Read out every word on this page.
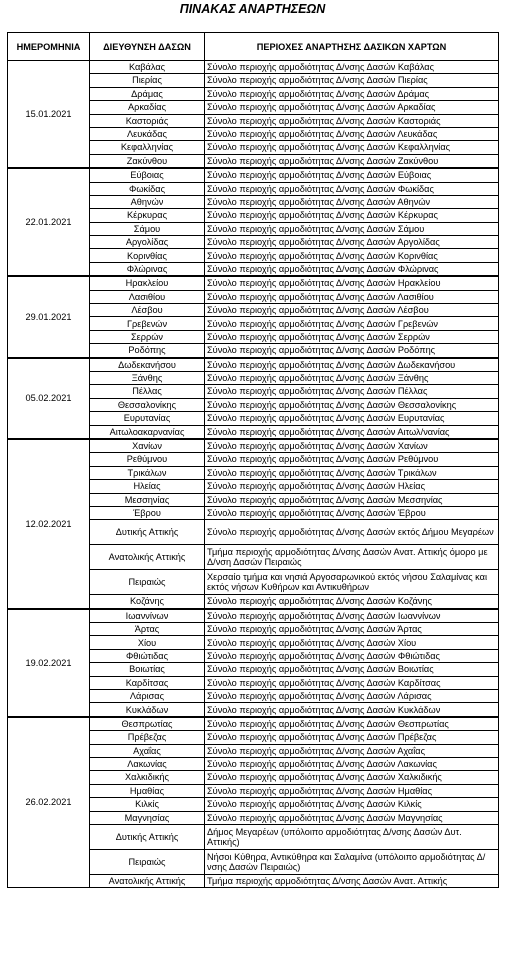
ΠΙΝΑΚΑΣ ΑΝΑΡΤΗΣΕΩΝ
ΗΜΕΡΟΜΗΝΙΑ	ΔΙΕΥΘΥΝΣΗ ΔΑΣΩΝ	ΠΕΡΙΟΧΕΣ ΑΝΑΡΤΗΣΗΣ ΔΑΣΙΚΩΝ ΧΑΡΤΩΝ
15.01.2021	Καβάλας	Σύνολο περιοχής αρμοδιότητας Δ/νσης Δασών Καβάλας
	Πιερίας	Σύνολο περιοχής αρμοδιότητας Δ/νσης Δασών Πιερίας
	Δράμας	Σύνολο περιοχής αρμοδιότητας Δ/νσης Δασών Δράμας
	Αρκαδίας	Σύνολο περιοχής αρμοδιότητας Δ/νσης Δασών Αρκαδίας
	Καστοριάς	Σύνολο περιοχής αρμοδιότητας Δ/νσης Δασών Καστοριάς
	Λευκάδας	Σύνολο περιοχής αρμοδιότητας Δ/νσης Δασών Λευκάδας
	Κεφαλληνίας	Σύνολο περιοχής αρμοδιότητας Δ/νσης Δασών Κεφαλληνίας
	Ζακύνθου	Σύνολο περιοχής αρμοδιότητας Δ/νσης Δασών Ζακύνθου
22.01.2021	Εύβοιας	Σύνολο περιοχής αρμοδιότητας Δ/νσης Δασών Εύβοιας
	Φωκίδας	Σύνολο περιοχής αρμοδιότητας Δ/νσης Δασών Φωκίδας
	Αθηνών	Σύνολο περιοχής αρμοδιότητας Δ/νσης Δασών Αθηνών
	Κέρκυρας	Σύνολο περιοχής αρμοδιότητας Δ/νσης Δασών Κέρκυρας
	Σάμου	Σύνολο περιοχής αρμοδιότητας Δ/νσης Δασών Σάμου
	Αργολίδας	Σύνολο περιοχής αρμοδιότητας Δ/νσης Δασών Αργολίδας
	Κορινθίας	Σύνολο περιοχής αρμοδιότητας Δ/νσης Δασών Κορινθίας
	Φλώρινας	Σύνολο περιοχής αρμοδιότητας Δ/νσης Δασών Φλώρινας
29.01.2021	Ηρακλείου	Σύνολο περιοχής αρμοδιότητας Δ/νσης Δασών Ηρακλείου
	Λασιθίου	Σύνολο περιοχής αρμοδιότητας Δ/νσης Δασών Λασιθίου
	Λέσβου	Σύνολο περιοχής αρμοδιότητας Δ/νσης Δασών Λέσβου
	Γρεβενών	Σύνολο περιοχής αρμοδιότητας Δ/νσης Δασών Γρεβενών
	Σερρών	Σύνολο περιοχής αρμοδιότητας Δ/νσης Δασών Σερρών
	Ροδόπης	Σύνολο περιοχής αρμοδιότητας Δ/νσης Δασών Ροδόπης
05.02.2021	Δωδεκανήσου	Σύνολο περιοχής αρμοδιότητας Δ/νσης Δασών Δωδεκανήσου
	Ξάνθης	Σύνολο περιοχής αρμοδιότητας Δ/νσης Δασών Ξάνθης
	Πέλλας	Σύνολο περιοχής αρμοδιότητας Δ/νσης Δασών Πέλλας
	Θεσσαλονίκης	Σύνολο περιοχής αρμοδιότητας Δ/νσης Δασών Θεσσαλονίκης
	Ευρυτανίας	Σύνολο περιοχής αρμοδιότητας Δ/νσης Δασών Ευρυτανίας
	Αιτωλοακαρνανίας	Σύνολο περιοχής αρμοδιότητας Δ/νσης Δασών Αιτωλ/νανίας
12.02.2021	Χανίων	Σύνολο περιοχής αρμοδιότητας Δ/νσης Δασών Χανίων
	Ρεθύμνου	Σύνολο περιοχής αρμοδιότητας Δ/νσης Δασών Ρεθύμνου
	Τρικάλων	Σύνολο περιοχής αρμοδιότητας Δ/νσης Δασών Τρικάλων
	Ηλείας	Σύνολο περιοχής αρμοδιότητας Δ/νσης Δασών Ηλείας
	Μεσσηνίας	Σύνολο περιοχής αρμοδιότητας Δ/νσης Δασών Μεσσηνίας
	Έβρου	Σύνολο περιοχής αρμοδιότητας Δ/νσης Δασών Έβρου
	Δυτικής Αττικής	Σύνολο περιοχής αρμοδιότητας Δ/νσης Δασών εκτός Δήμου Μεγαρέων
	Ανατολικής Αττικής	Τμήμα περιοχής αρμοδιότητας Δ/νσης Δασών Ανατ. Αττικής όμορο με Δ/νση Δασών Πειραιώς
	Πειραιώς	Χερσαίο τμήμα και νησιά Αργοσαρωνικού εκτός νήσου Σαλαμίνας και εκτός νήσων Κυθήρων και Αντικυθήρων
	Κοζάνης	Σύνολο περιοχής αρμοδιότητας Δ/νσης Δασών Κοζάνης
19.02.2021	Ιωαννίνων	Σύνολο περιοχής αρμοδιότητας Δ/νσης Δασών Ιωαννίνων
	Άρτας	Σύνολο περιοχής αρμοδιότητας Δ/νσης Δασών Άρτας
	Χίου	Σύνολο περιοχής αρμοδιότητας Δ/νσης Δασών Χίου
	Φθιώτιδας	Σύνολο περιοχής αρμοδιότητας Δ/νσης Δασών Φθιώτιδας
	Βοιωτίας	Σύνολο περιοχής αρμοδιότητας Δ/νσης Δασών Βοιωτίας
	Καρδίτσας	Σύνολο περιοχής αρμοδιότητας Δ/νσης Δασών Καρδίτσας
	Λάρισας	Σύνολο περιοχής αρμοδιότητας Δ/νσης Δασών Λάρισας
	Κυκλάδων	Σύνολο περιοχής αρμοδιότητας Δ/νσης Δασών Κυκλάδων
26.02.2021	Θεσπρωτίας	Σύνολο περιοχής αρμοδιότητας Δ/νσης Δασών Θεσπρωτίας
	Πρέβεζας	Σύνολο περιοχής αρμοδιότητας Δ/νσης Δασών Πρέβεζας
	Αχαΐας	Σύνολο περιοχής αρμοδιότητας Δ/νσης Δασών Αχαΐας
	Λακωνίας	Σύνολο περιοχής αρμοδιότητας Δ/νσης Δασών Λακωνίας
	Χαλκιδικής	Σύνολο περιοχής αρμοδιότητας Δ/νσης Δασών Χαλκιδικής
	Ημαθίας	Σύνολο περιοχής αρμοδιότητας Δ/νσης Δασών Ημαθίας
	Κιλκίς	Σύνολο περιοχής αρμοδιότητας Δ/νσης Δασών Κιλκίς
	Μαγνησίας	Σύνολο περιοχής αρμοδιότητας Δ/νσης Δασών Μαγνησίας
	Δυτικής Αττικής	Δήμος Μεγαρέων (υπόλοιπο αρμοδιότητας Δ/νσης Δασών Δυτ. Αττικής)
	Πειραιώς	Νήσοι Κύθηρα, Αντικύθηρα και Σαλαμίνα (υπόλοιπο αρμοδιότητας Δ/νσης Δασών Πειραιώς)
	Ανατολικής Αττικής	Τμήμα περιοχής αρμοδιότητας Δ/νσης Δασών Ανατ. Αττικής
